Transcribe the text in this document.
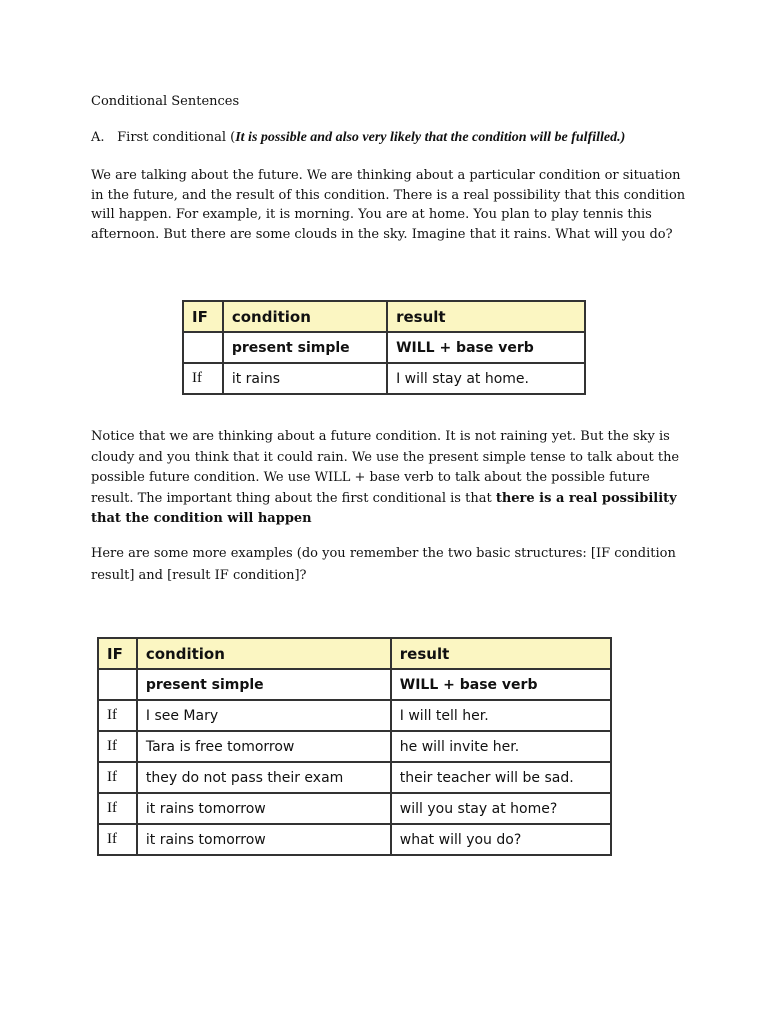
Conditional Sentences
A. First conditional (It is possible and also very likely that the condition will be fulfilled.)

We are talking about the future. We are thinking about a particular condition or situation in the future, and the result of this condition. There is a real possibility that this condition will happen. For example, it is morning. You are at home. You plan to play tennis this afternoon. But there are some clouds in the sky. Imagine that it rains. What will you do?

IF	condition	result
	present simple	WILL + base verb
If	it rains	I will stay at home.

Notice that we are thinking about a future condition. It is not raining yet. But the sky is cloudy and you think that it could rain. We use the present simple tense to talk about the possible future condition. We use WILL + base verb to talk about the possible future result. The important thing about the first conditional is that there is a real possibility that the condition will happen

Here are some more examples (do you remember the two basic structures: [IF condition result] and [result IF condition]?

IF	condition	result
	present simple	WILL + base verb
If	I see Mary	I will tell her.
If	Tara is free tomorrow	he will invite her.
If	they do not pass their exam	their teacher will be sad.
If	it rains tomorrow	will you stay at home?
If	it rains tomorrow	what will you do?
